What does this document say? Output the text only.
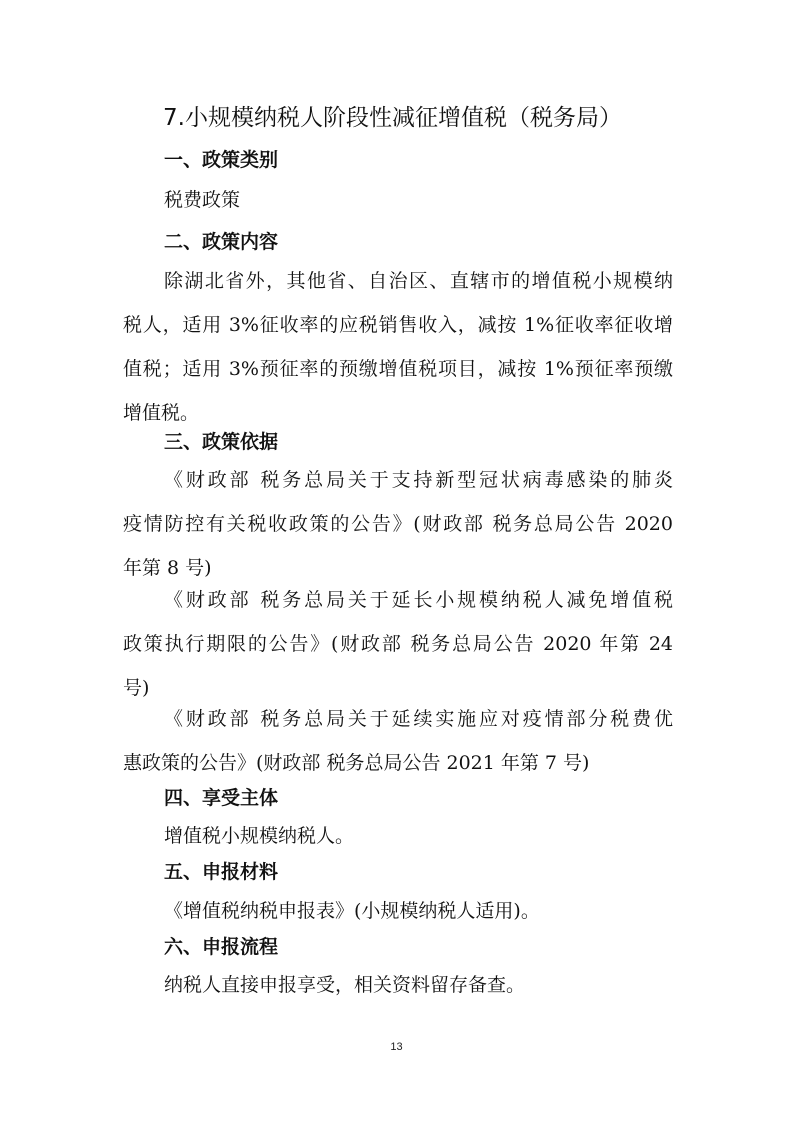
7.小规模纳税人阶段性减征增值税（税务局）
一、政策类别
税费政策
二、政策内容
除湖北省外，其他省、自治区、直辖市的增值税小规模纳
税人，适用 3%征收率的应税销售收入，减按 1%征收率征收增
值税；适用 3%预征率的预缴增值税项目，减按 1%预征率预缴
增值税。
三、政策依据
《财政部 税务总局关于支持新型冠状病毒感染的肺炎
疫情防控有关税收政策的公告》(财政部 税务总局公告 2020
年第 8 号)
《财政部 税务总局关于延长小规模纳税人减免增值税
政策执行期限的公告》(财政部 税务总局公告 2020 年第 24
号)
《财政部 税务总局关于延续实施应对疫情部分税费优
惠政策的公告》(财政部 税务总局公告 2021 年第 7 号)
四、享受主体
增值税小规模纳税人。
五、申报材料
《增值税纳税申报表》(小规模纳税人适用)。
六、申报流程
纳税人直接申报享受，相关资料留存备查。
13
